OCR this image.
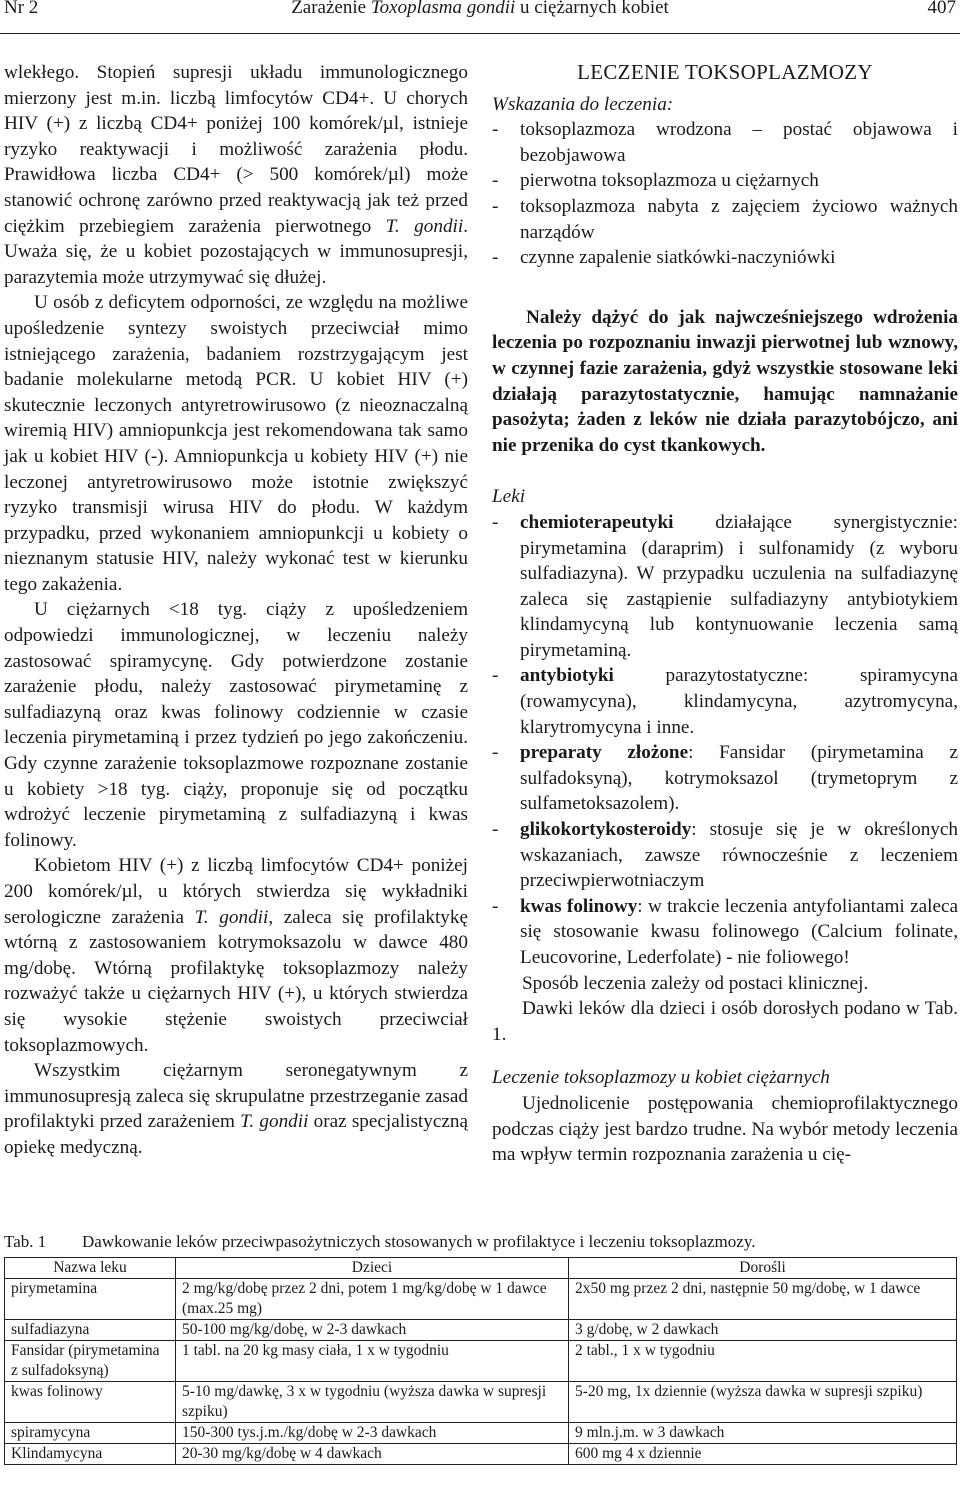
Nr 2	Zarażenie Toxoplasma gondii u ciężarnych kobiet	407

wlekłego. Stopień supresji układu immunologicznego mierzony jest m.in. liczbą limfocytów CD4+. U chorych HIV (+) z liczbą CD4+ poniżej 100 komórek/µl, istnieje ryzyko reaktywacji i możliwość zarażenia płodu. Prawidłowa liczba CD4+ (> 500 komórek/µl) może stanowić ochronę zarówno przed reaktywacją jak też przed ciężkim przebiegiem zarażenia pierwotnego T. gondii. Uważa się, że u kobiet pozostających w immunosupresji, parazytemia może utrzymywać się dłużej.

U osób z deficytem odporności, ze względu na możliwe upośledzenie syntezy swoistych przeciwciał mimo istniejącego zarażenia, badaniem rozstrzygającym jest badanie molekularne metodą PCR. U kobiet HIV (+) skutecznie leczonych antyretrowirusowo (z nieoznaczalną wiremią HIV) amniopunkcja jest rekomendowana tak samo jak u kobiet HIV (-). Amniopunkcja u kobiety HIV (+) nie leczonej antyretrowirusowo może istotnie zwiększyć ryzyko transmisji wirusa HIV do płodu. W każdym przypadku, przed wykonaniem amniopunkcji u kobiety o nieznanym statusie HIV, należy wykonać test w kierunku tego zakażenia.

U ciężarnych <18 tyg. ciąży z upośledzeniem odpowiedzi immunologicznej, w leczeniu należy zastosować spiramycynę. Gdy potwierdzone zostanie zarażenie płodu, należy zastosować pirymetaminę z sulfadiazyną oraz kwas folinowy codziennie w czasie leczenia pirymetaminą i przez tydzień po jego zakończeniu. Gdy czynne zarażenie toksoplazmowe rozpoznane zostanie u kobiety >18 tyg. ciąży, proponuje się od początku wdrożyć leczenie pirymetaminą z sulfadiazyną i kwas folinowy.

Kobietom HIV (+) z liczbą limfocytów CD4+ poniżej 200 komórek/µl, u których stwierdza się wykładniki serologiczne zarażenia T. gondii, zaleca się profilaktykę wtórną z zastosowaniem kotrymoksazolu w dawce 480 mg/dobę. Wtórną profilaktykę toksoplazmozy należy rozważyć także u ciężarnych HIV (+), u których stwierdza się wysokie stężenie swoistych przeciwciał toksoplazmowych.

Wszystkim ciężarnym seronegatywnym z immunosupresją zaleca się skrupulatne przestrzeganie zasad profilaktyki przed zarażeniem T. gondii oraz specjalistyczną opiekę medyczną.

LECZENIE TOKSOPLAZMOZY

Wskazania do leczenia:

- toksoplazmoza wrodzona – postać objawowa i bezobjawowa
- pierwotna toksoplazmoza u ciężarnych
- toksoplazmoza nabyta z zajęciem życiowo ważnych narządów
- czynne zapalenie siatkówki-naczyniówki

Należy dążyć do jak najwcześniejszego wdrożenia leczenia po rozpoznaniu inwazji pierwotnej lub wznowy, w czynnej fazie zarażenia, gdyż wszystkie stosowane leki działają parazytostatycznie, hamując namnażanie pasożyta; żaden z leków nie działa parazytobójczo, ani nie przenika do cyst tkankowych.

Leki

- chemioterapeutyki działające synergistycznie: pirymetamina (daraprim) i sulfonamidy (z wyboru sulfadiazyna). W przypadku uczulenia na sulfadiazynę zaleca się zastąpienie sulfadiazyny antybiotykiem klindamycyną lub kontynuowanie leczenia samą pirymetaminą.
- antybiotyki parazytostatyczne: spiramycyna (rowamycyna), klindamycyna, azytromycyna, klarytromycyna i inne.
- preparaty złożone: Fansidar (pirymetamina z sulfadoksyną), kotrymoksazol (trymetoprym z sulfametoksazolem).
- glikokortykosteroidy: stosuje się je w określonych wskazaniach, zawsze równocześnie z leczeniem przeciwpierwotniaczym
- kwas folinowy: w trakcie leczenia antyfoliantami zaleca się stosowanie kwasu folinowego (Calcium folinate, Leucovorine, Lederfolate) - nie foliowego!

Sposób leczenia zależy od postaci klinicznej.

Dawki leków dla dzieci i osób dorosłych podano w Tab. 1.

Leczenie toksoplazmozy u kobiet ciężarnych

Ujednolicenie postępowania chemioprofilaktycznego podczas ciąży jest bardzo trudne. Na wybór metody leczenia ma wpływ termin rozpoznania zarażenia u cię-

Tab. 1 Dawkowanie leków przeciwpasożytniczych stosowanych w profilaktyce i leczeniu toksoplazmozy.
Nazwa leku	Dzieci	Dorośli
pirymetamina	2 mg/kg/dobę przez 2 dni, potem 1 mg/kg/dobę w 1 dawce (max.25 mg)	2x50 mg przez 2 dni, następnie 50 mg/dobę, w 1 dawce
sulfadiazyna	50-100 mg/kg/dobę, w 2-3 dawkach	3 g/dobę, w 2 dawkach
Fansidar (pirymetamina z sulfadoksyną)	1 tabl. na 20 kg masy ciała, 1 x w tygodniu	2 tabl., 1 x w tygodniu
kwas folinowy	5-10 mg/dawkę, 3 x w tygodniu (wyższa dawka w supresji szpiku)	5-20 mg, 1x dziennie (wyższa dawka w supresji szpiku)
spiramycyna	150-300 tys.j.m./kg/dobę w 2-3 dawkach	9 mln.j.m. w 3 dawkach
Klindamycyna	20-30 mg/kg/dobę w 4 dawkach	600 mg 4 x dziennie
